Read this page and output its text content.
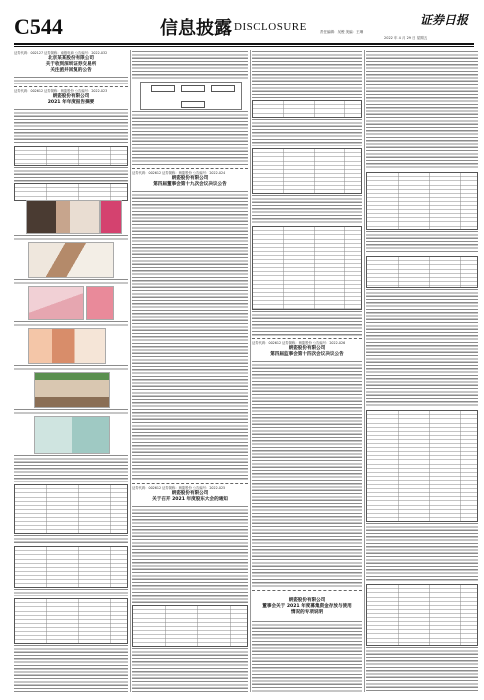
C544	信息披露 DISCLOSURE	证券日报
责任编辑：吴俊 美编：王琳
2022 年 4 月 29 日 星期五
证券代码：002127 证券简称：南极电商 公告编号：2022-032
北京某某股份有限公司
关于收到深圳证券交易所
关注函并回复的公告
证券代码：002612 证券简称：朗姿股份 公告编号：2022-023
朗姿股份有限公司
2021 年年度报告摘要
证券代码：002612 证券简称：朗姿股份 公告编号：2022-024
朗姿股份有限公司
第四届董事会第十九次会议决议公告
证券代码：002612 证券简称：朗姿股份 公告编号：2022-025
朗姿股份有限公司
关于召开 2021 年度股东大会的通知
证券代码：002612 证券简称：朗姿股份 公告编号：2022-026
朗姿股份有限公司
第四届监事会第十四次会议决议公告
朗姿股份有限公司
董事会关于 2021 年度募集资金存放与使用
情况的专项说明
